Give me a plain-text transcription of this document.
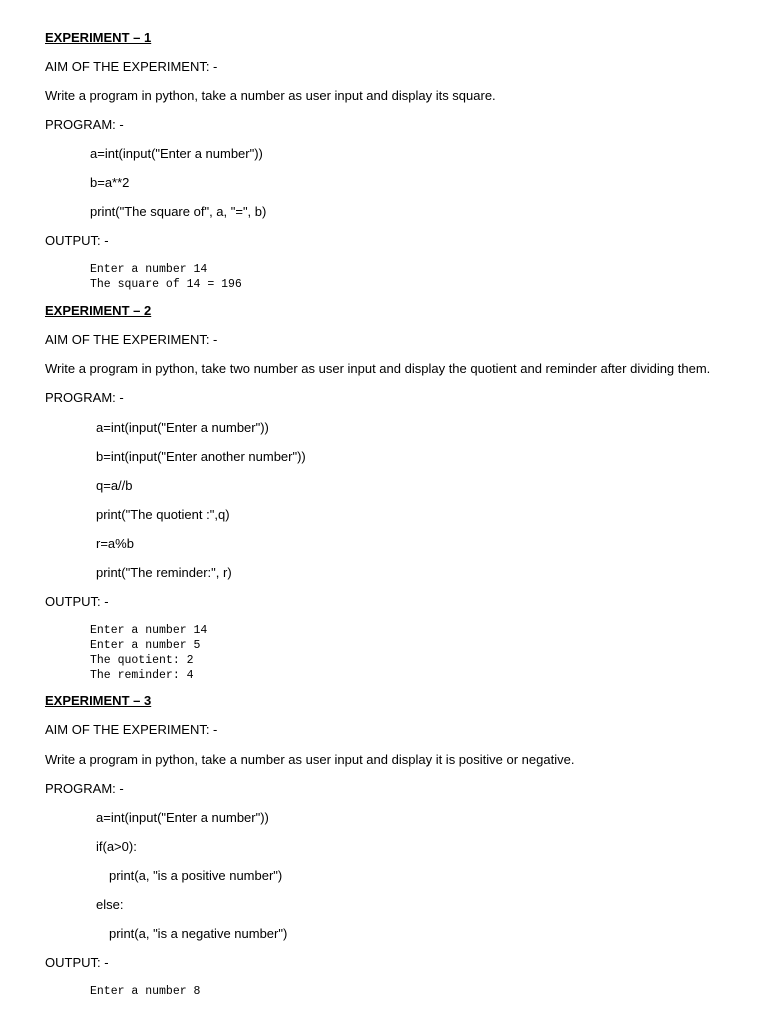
EXPERIMENT – 1
AIM OF THE EXPERIMENT: -
Write a program in python, take a number as user input and display its square.
PROGRAM: -
a=int(input("Enter a number"))
b=a**2
print("The square of", a, "=", b)
OUTPUT: -
Enter a number 14
The square of 14 = 196
EXPERIMENT – 2
AIM OF THE EXPERIMENT: -
Write a program in python, take two number as user input and display the quotient and reminder after dividing them.
PROGRAM: -
a=int(input("Enter a number"))
b=int(input("Enter another number"))
q=a//b
print("The quotient :",q)
r=a%b
print("The reminder:", r)
OUTPUT: -
Enter a number 14
Enter a number 5
The quotient: 2
The reminder: 4
EXPERIMENT – 3
AIM OF THE EXPERIMENT: -
Write a program in python, take a number as user input and display it is positive or negative.
PROGRAM: -
a=int(input("Enter a number"))
if(a>0):
print(a, "is a positive number")
else:
print(a, "is a negative number")
OUTPUT: -
Enter a number 8
